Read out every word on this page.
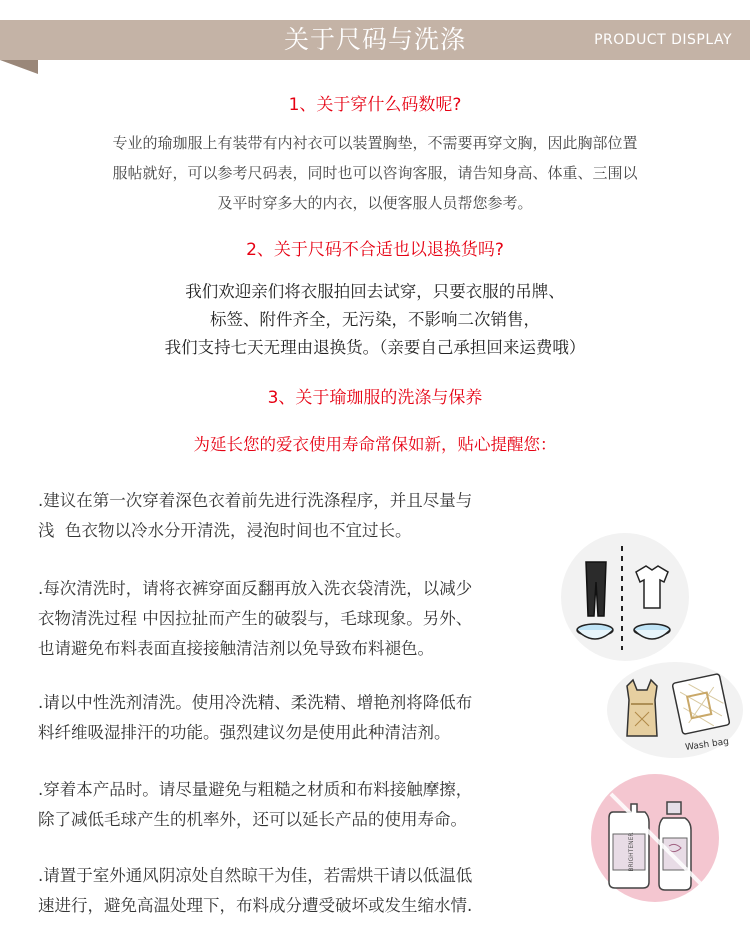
关于尺码与洗涤	PRODUCT DISPLAY
1、关于穿什么码数呢?
专业的瑜珈服上有装带有内衬衣可以装置胸垫，不需要再穿文胸，因此胸部位置
服帖就好，可以参考尺码表，同时也可以咨询客服，请告知身高、体重、三围以
及平时穿多大的内衣，以便客服人员帮您参考。
2、关于尺码不合适也以退换货吗?
我们欢迎亲们将衣服拍回去试穿，只要衣服的吊牌、
标签、附件齐全，无污染，不影响二次销售，
我们支持七天无理由退换货。（亲要自己承担回来运费哦）
3、关于瑜珈服的洗涤与保养
为延长您的爱衣使用寿命常保如新，贴心提醒您：
.建议在第一次穿着深色衣着前先进行洗涤程序，并且尽量与
浅  色衣物以冷水分开清洗，浸泡时间也不宜过长。
.每次清洗时，请将衣裤穿面反翻再放入洗衣袋清洗，以减少
衣物清洗过程 中因拉扯而产生的破裂与，毛球现象。另外、
也请避免布料表面直接接触清洁剂以免导致布料褪色。
.请以中性洗剂清洗。使用冷洗精、柔洗精、增艳剂将降低布
料纤维吸湿排汗的功能。强烈建议勿是使用此种清洁剂。
.穿着本产品时。请尽量避免与粗糙之材质和布料接触摩擦，
除了减低毛球产生的机率外，还可以延长产品的使用寿命。
.请置于室外通风阴凉处自然晾干为佳，若需烘干请以低温低
速进行，避免高温处理下，布料成分遭受破坏或发生缩水情.
Wash bag
BRIGHTENER
